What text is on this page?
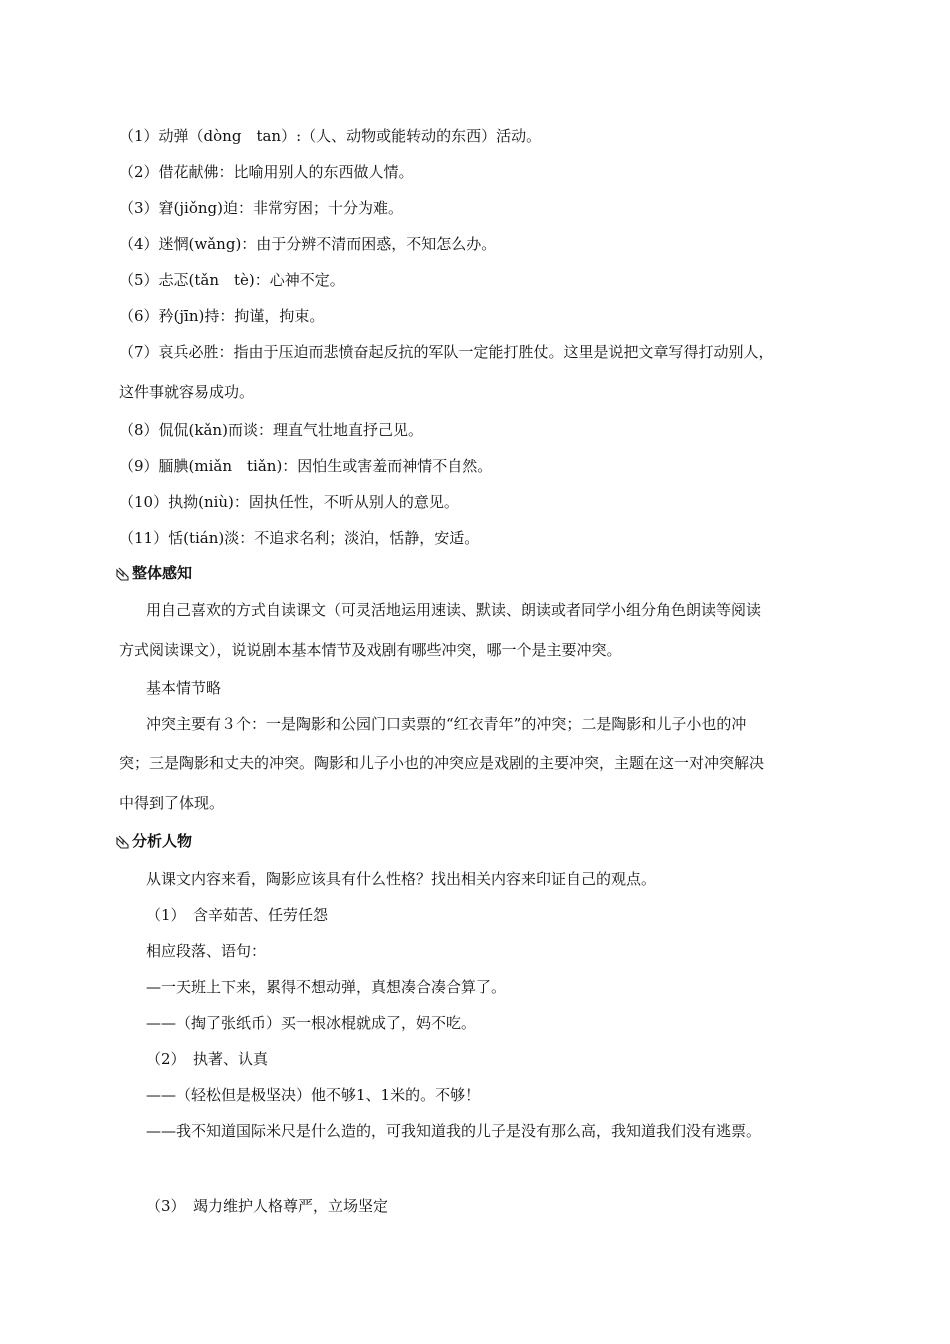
（1）动弹（dòng　tan）:（人、动物或能转动的东西）活动。
（2）借花献佛：比喻用别人的东西做人情。
（3）窘(jiǒng)迫：非常穷困；十分为难。
（4）迷惘(wǎng)：由于分辨不清而困惑，不知怎么办。
（5）忐忑(tǎn　tè)：心神不定。
（6）矜(jīn)持：拘谨，拘束。
（7）哀兵必胜：指由于压迫而悲愤奋起反抗的军队一定能打胜仗。这里是说把文章写得打动别人，
这件事就容易成功。
（8）侃侃(kǎn)而谈：理直气壮地直抒己见。
（9）腼腆(miǎn　tiǎn)：因怕生或害羞而神情不自然。
（10）执拗(niù)：固执任性，不听从别人的意见。
（11）恬(tián)淡：不追求名利；淡泊，恬静，安适。
整体感知
用自己喜欢的方式自读课文（可灵活地运用速读、默读、朗读或者同学小组分角色朗读等阅读
方式阅读课文），说说剧本基本情节及戏剧有哪些冲突，哪一个是主要冲突。
基本情节略
冲突主要有３个：一是陶影和公园门口卖票的“红衣青年”的冲突；二是陶影和儿子小也的冲
突；三是陶影和丈夫的冲突。陶影和儿子小也的冲突应是戏剧的主要冲突，主题在这一对冲突解决
中得到了体现。
分析人物
从课文内容来看，陶影应该具有什么性格？找出相关内容来印证自己的观点。
（1）　含辛茹苦、任劳任怨
相应段落、语句：
—一天班上下来，累得不想动弹，真想凑合凑合算了。
——（掏了张纸币）买一根冰棍就成了，妈不吃。
（2）　执著、认真
——（轻松但是极坚决）他不够1、1米的。不够！
——我不知道国际米尺是什么造的，可我知道我的儿子是没有那么高，我知道我们没有逃票。
（3）　竭力维护人格尊严，立场坚定
